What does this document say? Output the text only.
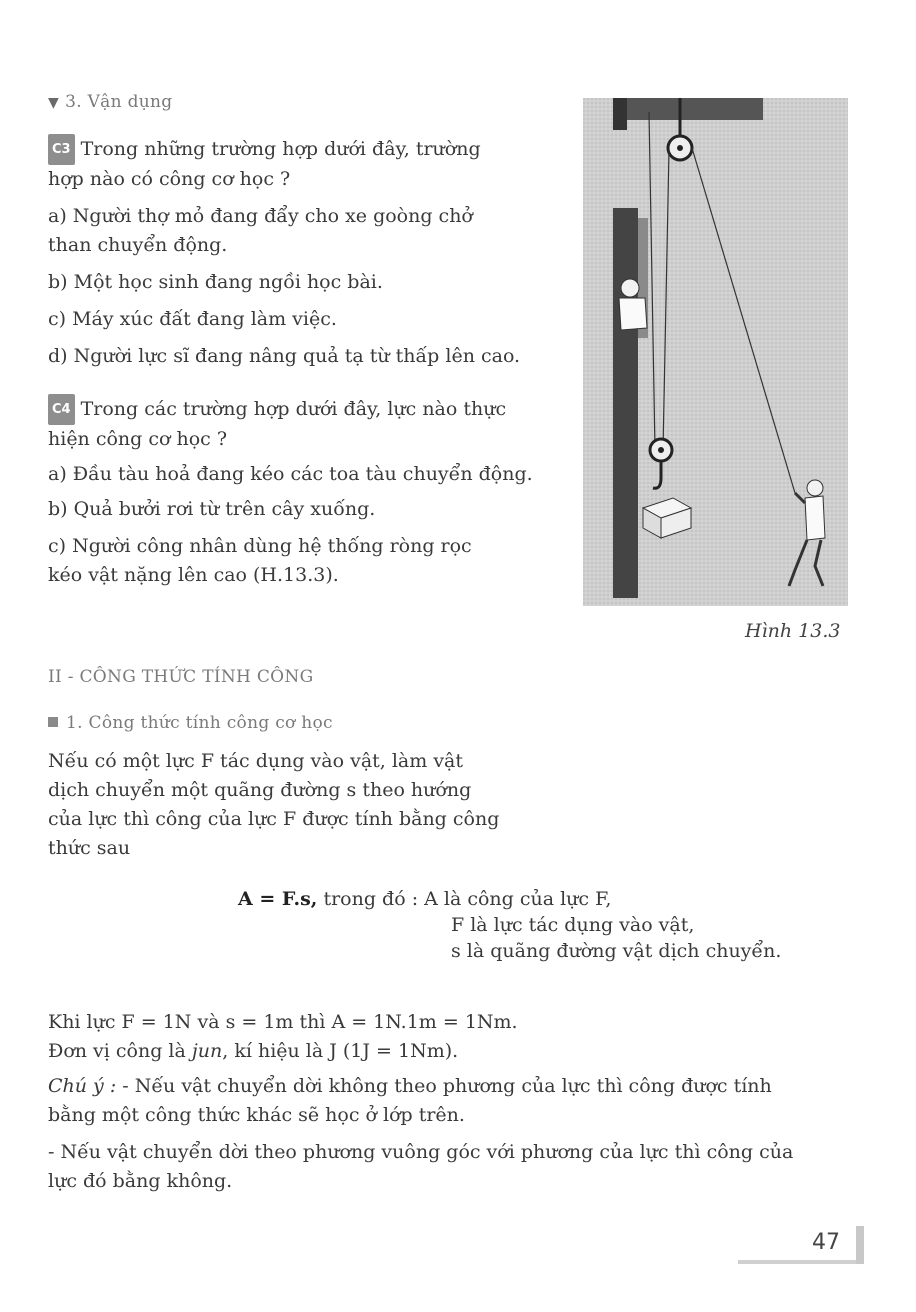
▼ 3. Vận dụng

C3 Trong những trường hợp dưới đây, trường

hợp nào có công cơ học ?

a) Người thợ mỏ đang đẩy cho xe goòng chở

than chuyển động.

b) Một học sinh đang ngồi học bài.

c) Máy xúc đất đang làm việc.

d) Người lực sĩ đang nâng quả tạ từ thấp lên cao.

C4 Trong các trường hợp dưới đây, lực nào thực

hiện công cơ học ?

a) Đầu tàu hoả đang kéo các toa tàu chuyển động.

b) Quả bưởi rơi từ trên cây xuống.

c) Người công nhân dùng hệ thống ròng rọc

kéo vật nặng lên cao (H.13.3).

Hình 13.3
II - CÔNG THỨC TÍNH CÔNG
1. Công thức tính công cơ học

Nếu có một lực F tác dụng vào vật, làm vật

dịch chuyển một quãng đường s theo hướng

của lực thì công của lực F được tính bằng công

thức sau

A = F.s, trong đó : A là công của lực F,
F là lực tác dụng vào vật,
s là quãng đường vật dịch chuyển.

Khi lực F = 1N và s = 1m thì A = 1N.1m = 1Nm.

Đơn vị công là jun, kí hiệu là J (1J = 1Nm).

Chú ý : - Nếu vật chuyển dời không theo phương của lực thì công được tính

bằng một công thức khác sẽ học ở lớp trên.

- Nếu vật chuyển dời theo phương vuông góc với phương của lực thì công của

lực đó bằng không.

47
